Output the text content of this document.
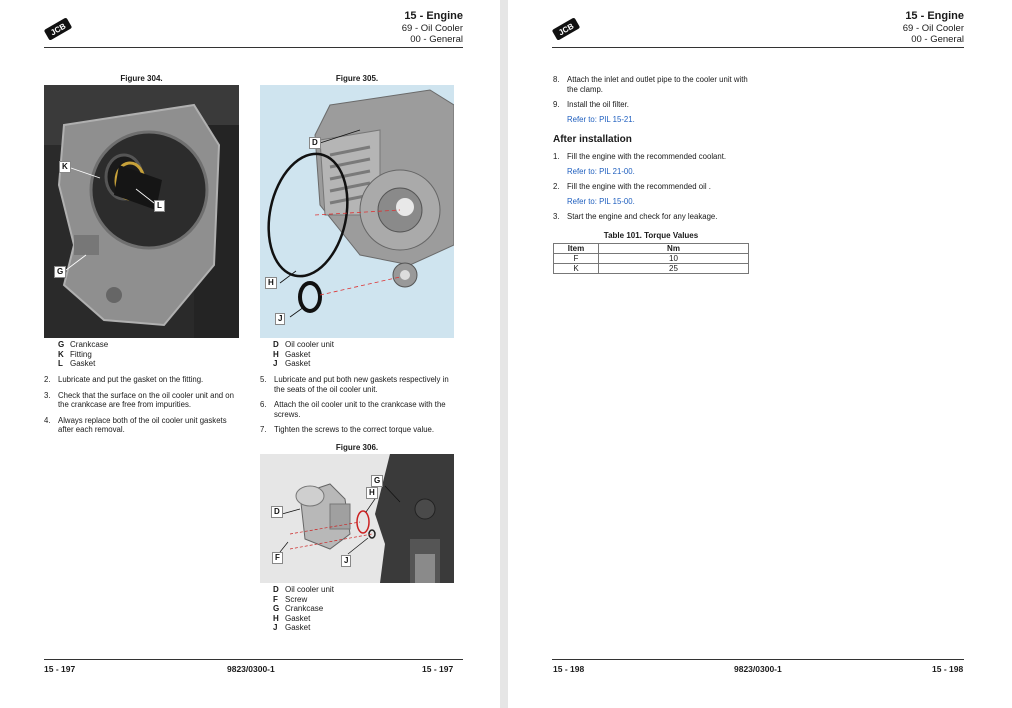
JCB
15 - Engine
69 - Oil Cooler
00 - General
Figure 304.
K
L
G
G Crankcase
K Fitting
L Gasket
2. Lubricate and put the gasket on the fitting.
3. Check that the surface on the oil cooler unit and on the crankcase are free from impurities.
4. Always replace both of the oil cooler unit gaskets after each removal.
Figure 305.
D
H
J
D Oil cooler unit
H Gasket
J Gasket
5. Lubricate and put both new gaskets respectively in the seats of the oil cooler unit.
6. Attach the oil cooler unit to the crankcase with the screws.
7. Tighten the screws to the correct torque value.
Figure 306.
G
H
D
F	J
D Oil cooler unit
F Screw
G Crankcase
H Gasket
J Gasket
15 - 197	9823/0300-1	15 - 197
JCB
15 - Engine
69 - Oil Cooler
00 - General
8. Attach the inlet and outlet pipe to the cooler unit with the clamp.
9. Install the oil filter.
Refer to: PIL 15-21.
After installation
1. Fill the engine with the recommended coolant.
Refer to: PIL 21-00.
2. Fill the engine with the recommended oil .
Refer to: PIL 15-00.
3. Start the engine and check for any leakage.
Table 101. Torque Values
Item	Nm
F	10
K	25
15 - 198	9823/0300-1	15 - 198
